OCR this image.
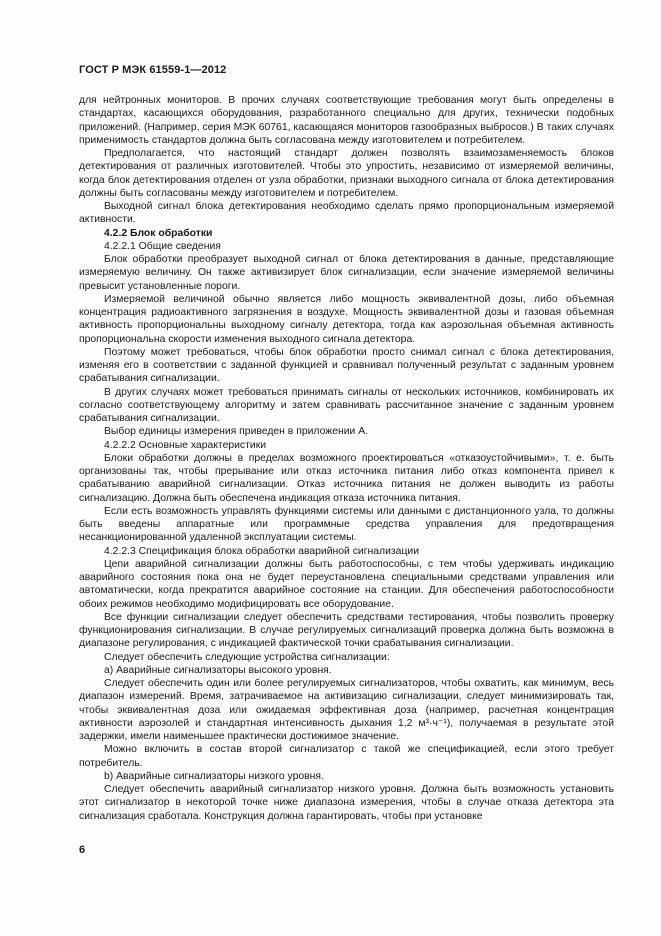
ГОСТ Р МЭК 61559-1—2012

для нейтронных мониторов. В прочих случаях соответствующие требования могут быть определены в стандартах, касающихся оборудования, разработанного специально для других, технически подобных приложений. (Например, серия МЭК 60761, касающаяся мониторов газообразных выбросов.) В таких случаях применимость стандартов должна быть согласована между изготовителем и потребителем.

Предполагается, что настоящий стандарт должен позволять взаимозаменяемость блоков детектирования от различных изготовителей. Чтобы это упростить, независимо от измеряемой величины, когда блок детектирования отделен от узла обработки, признаки выходного сигнала от блока детектирования должны быть согласованы между изготовителем и потребителем.

Выходной сигнал блока детектирования необходимо сделать прямо пропорциональным измеряемой активности.

4.2.2 Блок обработки

4.2.2.1 Общие сведения

Блок обработки преобразует выходной сигнал от блока детектирования в данные, представляющие измеряемую величину. Он также активизирует блок сигнализации, если значение измеряемой величины превысит установленные пороги.

Измеряемой величиной обычно является либо мощность эквивалентной дозы, либо объемная концентрация радиоактивного загрязнения в воздухе. Мощность эквивалентной дозы и газовая объемная активность пропорциональны выходному сигналу детектора, тогда как аэрозольная объемная активность пропорциональна скорости изменения выходного сигнала детектора.

Поэтому может требоваться, чтобы блок обработки просто снимал сигнал с блока детектирования, изменяя его в соответствии с заданной функцией и сравнивал полученный результат с заданным уровнем срабатывания сигнализации.

В других случаях может требоваться принимать сигналы от нескольких источников, комбинировать их согласно соответствующему алгоритму и затем сравнивать рассчитанное значение с заданным уровнем срабатывания сигнализации.

Выбор единицы измерения приведен в приложении А.

4.2.2.2 Основные характеристики

Блоки обработки должны в пределах возможного проектироваться «отказоустойчивыми», т. е. быть организованы так, чтобы прерывание или отказ источника питания либо отказ компонента привел к срабатыванию аварийной сигнализации. Отказ источника питания не должен выводить из работы сигнализацию. Должна быть обеспечена индикация отказа источника питания.

Если есть возможность управлять функциями системы или данными с дистанционного узла, то должны быть введены аппаратные или программные средства управления для предотвращения несанкционированной удаленной эксплуатации системы.

4.2.2.3 Спецификация блока обработки аварийной сигнализации

Цепи аварийной сигнализации должны быть работоспособны, с тем чтобы удерживать индикацию аварийного состояния пока она не будет переустановлена специальными средствами управления или автоматически, когда прекратится аварийное состояние на станции. Для обеспечения работоспособности обоих режимов необходимо модифицировать все оборудование.

Все функции сигнализации следует обеспечить средствами тестирования, чтобы позволить проверку функционирования сигнализации. В случае регулируемых сигнализаций проверка должна быть возможна в диапазоне регулирования, с индикацией фактической точки срабатывания сигнализации.

Следует обеспечить следующие устройства сигнализации:

а) Аварийные сигнализаторы высокого уровня.

Следует обеспечить один или более регулируемых сигнализаторов, чтобы охватить, как минимум, весь диапазон измерений. Время, затрачиваемое на активизацию сигнализации, следует минимизировать так, чтобы эквивалентная доза или ожидаемая эффективная доза (например, расчетная концентрация активности аэрозолей и стандартная интенсивность дыхания 1,2 м³·ч⁻¹), получаемая в результате этой задержки, имели наименьшее практически достижимое значение.

Можно включить в состав второй сигнализатор с такой же спецификацией, если этого требует потребитель.

b) Аварийные сигнализаторы низкого уровня.

Следует обеспечить аварийный сигнализатор низкого уровня. Должна быть возможность установить этот сигнализатор в некоторой точке ниже диапазона измерения, чтобы в случае отказа детектора эта сигнализация сработала. Конструкция должна гарантировать, чтобы при установке

6
